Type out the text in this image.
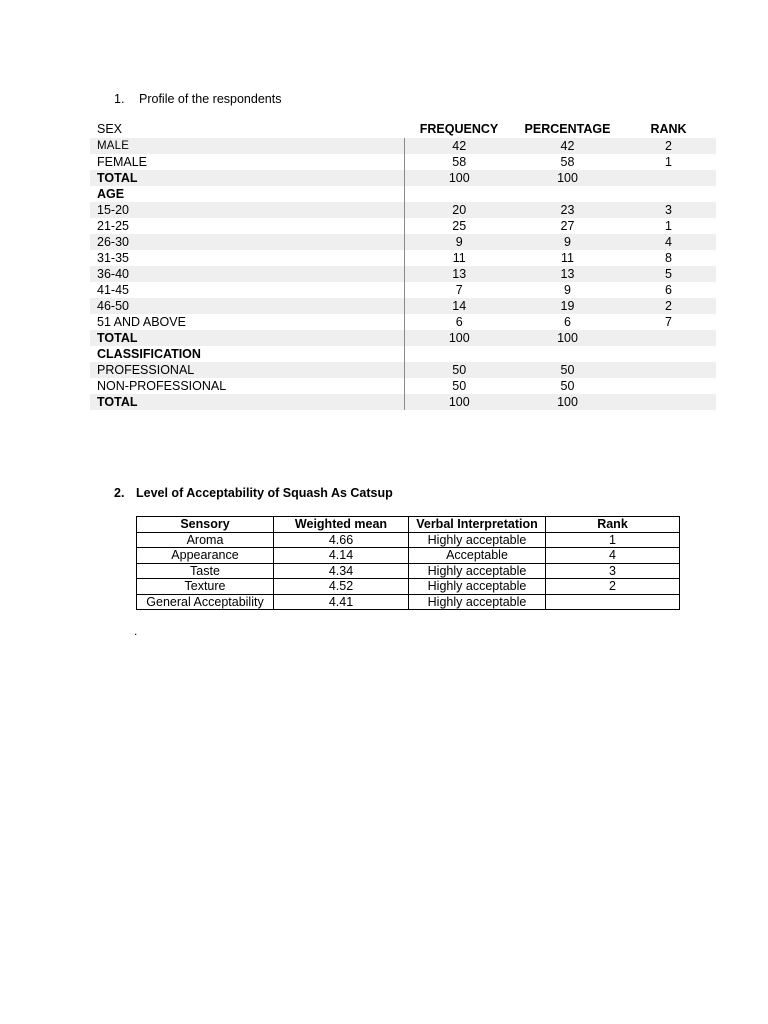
1. Profile of the respondents
SEX	FREQUENCY	PERCENTAGE	RANK
MALE	42	42	2
FEMALE	58	58	1
TOTAL	100	100	
AGE			
15-20	20	23	3
21-25	25	27	1
26-30	9	9	4
31-35	11	11	8
36-40	13	13	5
41-45	7	9	6
46-50	14	19	2
51 AND ABOVE	6	6	7
TOTAL	100	100	
CLASSIFICATION			
PROFESSIONAL	50	50	
NON-PROFESSIONAL	50	50	
TOTAL	100	100	
2. Level of Acceptability of Squash As Catsup
Sensory	Weighted mean	Verbal Interpretation	Rank
Aroma	4.66	Highly acceptable	1
Appearance	4.14	Acceptable	4
Taste	4.34	Highly acceptable	3
Texture	4.52	Highly acceptable	2
General Acceptability	4.41	Highly acceptable	
.
